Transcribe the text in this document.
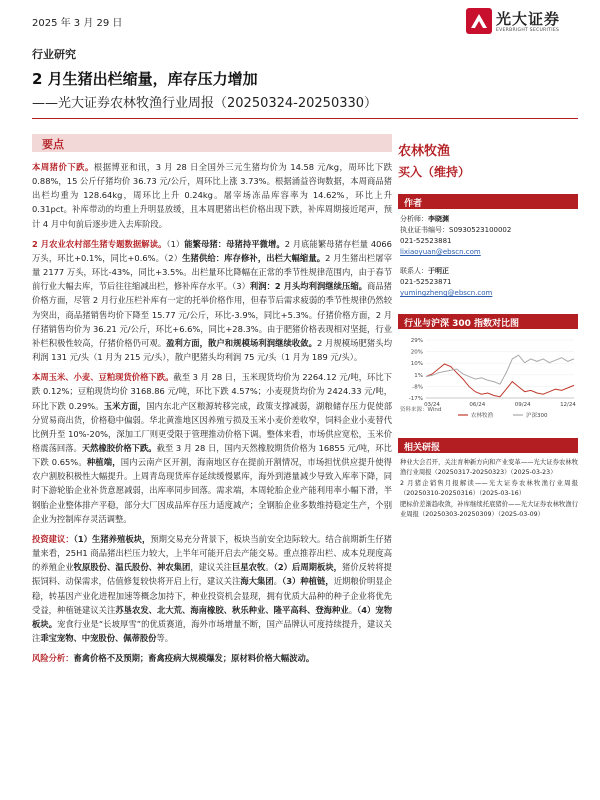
2025 年 3 月 29 日	光大证券
EVERBRIGHT SECURITIES
行业研究
2 月生猪出栏缩量，库存压力增加
——光大证券农林牧渔行业周报（20250324-20250330）
要点

本周猪价下跌。根据博亚和讯，3 月 28 日全国外三元生猪均价为 14.58 元/kg，周环比下跌 0.88%，15 公斤仔猪均价 36.73 元/公斤，周环比上涨 3.73%。根据涌益咨询数据，本周商品猪出栏均重为 128.64kg，周环比上升 0.24kg。屠宰场冻品库容率为 14.62%，环比上升 0.31pct。补库带动的均重上升明显放缓，且本周肥猪出栏价格出现下跌，补库周期接近尾声，预计 4 月中旬前后逐步进入去库阶段。

2 月农业农村部生猪专题数据解读。（1）能繁母猪：母猪持平微增。2 月底能繁母猪存栏量 4066 万头，环比+0.1%，同比+0.6%。（2）生猪供给：库存修补，出栏大幅缩量。2 月生猪出栏屠宰量 2177 万头，环比-43%，同比+3.5%。出栏量环比降幅在正常的季节性规律范围内，由于春节前行业大幅去库，节后往往缩减出栏，修补库存水平。（3）利润：2 月头均利润继续压缩。商品猪价格方面，尽管 2 月行业压栏补库有一定的托举价格作用，但春节后需求疲弱的季节性规律仍然较为突出，商品猪销售均价下降至 15.77 元/公斤，环比-3.9%，同比+5.3%。仔猪价格方面，2 月仔猪销售均价为 36.21 元/公斤，环比+6.6%，同比+28.3%。由于肥猪价格表现相对坚挺，行业补栏积极性较高，仔猪价格仍可观。盈利方面，散户和规模场利润继续收敛。2 月规模场肥猪头均利润 131 元/头（1 月为 215 元/头），散户肥猪头均利润 75 元/头（1 月为 189 元/头）。

本周玉米、小麦、豆粕现货价格下跌。截至 3 月 28 日，玉米现货均价为 2264.12 元/吨，环比下跌 0.12%；豆粕现货均价 3168.86 元/吨，环比下跌 4.57%；小麦现货均价为 2424.33 元/吨，环比下跌 0.29%。玉米方面，国内东北产区粮源转移完成，政策支撑减弱，湖粮储存压力促使部分贸易商出货，价格稳中偏弱。华北黄淮地区因养殖亏损及玉米小麦价差收窄，饲料企业小麦替代比例升至 10%-20%，深加工厂则更受限于管理推动价格下调。整体来看，市场供应宽松，玉米价格震荡回落。天然橡胶价格下跌。截至 3 月 28 日，国内天然橡胶期货价格为 16855 元/吨，环比下跌 0.65%。种植端，国内云南产区开割，海南地区存在提前开割情况，市场担忧供应提升使得农户割胶积极性大幅提升。上周青岛现货库存延续缓慢累库，海外到港量减少导致入库率下降，同时下游轮胎企业补货意愿减弱，出库率同步回落。需求端，本周轮胎企业产能利用率小幅下滑，半钢胎企业整体排产平稳，部分大厂因成品库存压力适度减产；全钢胎企业多数维持稳定生产，个别企业为控制库存灵活调整。

投资建议：（1）生猪养殖板块，预期交易充分背景下，板块当前安全边际较大。结合前期新生仔猪量来看，25H1 商品猪出栏压力较大，上半年可能开启去产能交易。重点推荐出栏、成本兑现度高的养殖企业牧原股份、温氏股份、神农集团，建议关注巨星农牧。（2）后周期板块，猪价反转将提振饲料、动保需求，估值修复较快将开启上行，建议关注海大集团。（3）种植链，近期粮价明显企稳，转基因产业化进程加速等概念加持下，种业投资机会显现，拥有优质大品种的种子企业将优先受益，种植链建议关注苏垦农发、北大荒、海南橡胶、秋乐种业、隆平高科、登海种业。（4）宠物板块。宠食行业是“长坡厚雪”的优质赛道，海外市场增量不断，国产品牌认可度持续提升，建议关注乖宝宠物、中宠股份、佩蒂股份等。

风险分析：畜禽价格不及预期；畜禽疫病大规模爆发；原材料价格大幅波动。

农林牧渔
买入（维持）
作者
分析师：李晓渊
执业证书编号：S0930523100002
021-52523881
lixiaoyuan@ebscn.com
联系人：于明正
021-52523871
yumingzheng@ebscn.com
行业与沪深 300 指数对比图
29%
20%
10%
1%
-8%
-17%
03/24	06/24	09/24	12/24
农林牧渔	沪深300
资料来源：Wind
相关研报
种业大会召开，关注育种新方向和产业变革——光大证券农林牧渔行业周报（20250317-20250323）（2025-03-23）
2 月猪企销售月报解读——光大证券农林牧渔行业周报（20250310-20250316）（2025-03-16）
肥标价差渐趋收敛，补库继续托底猪价——光大证券农林牧渔行业周报（20250303-20250309）（2025-03-09）
